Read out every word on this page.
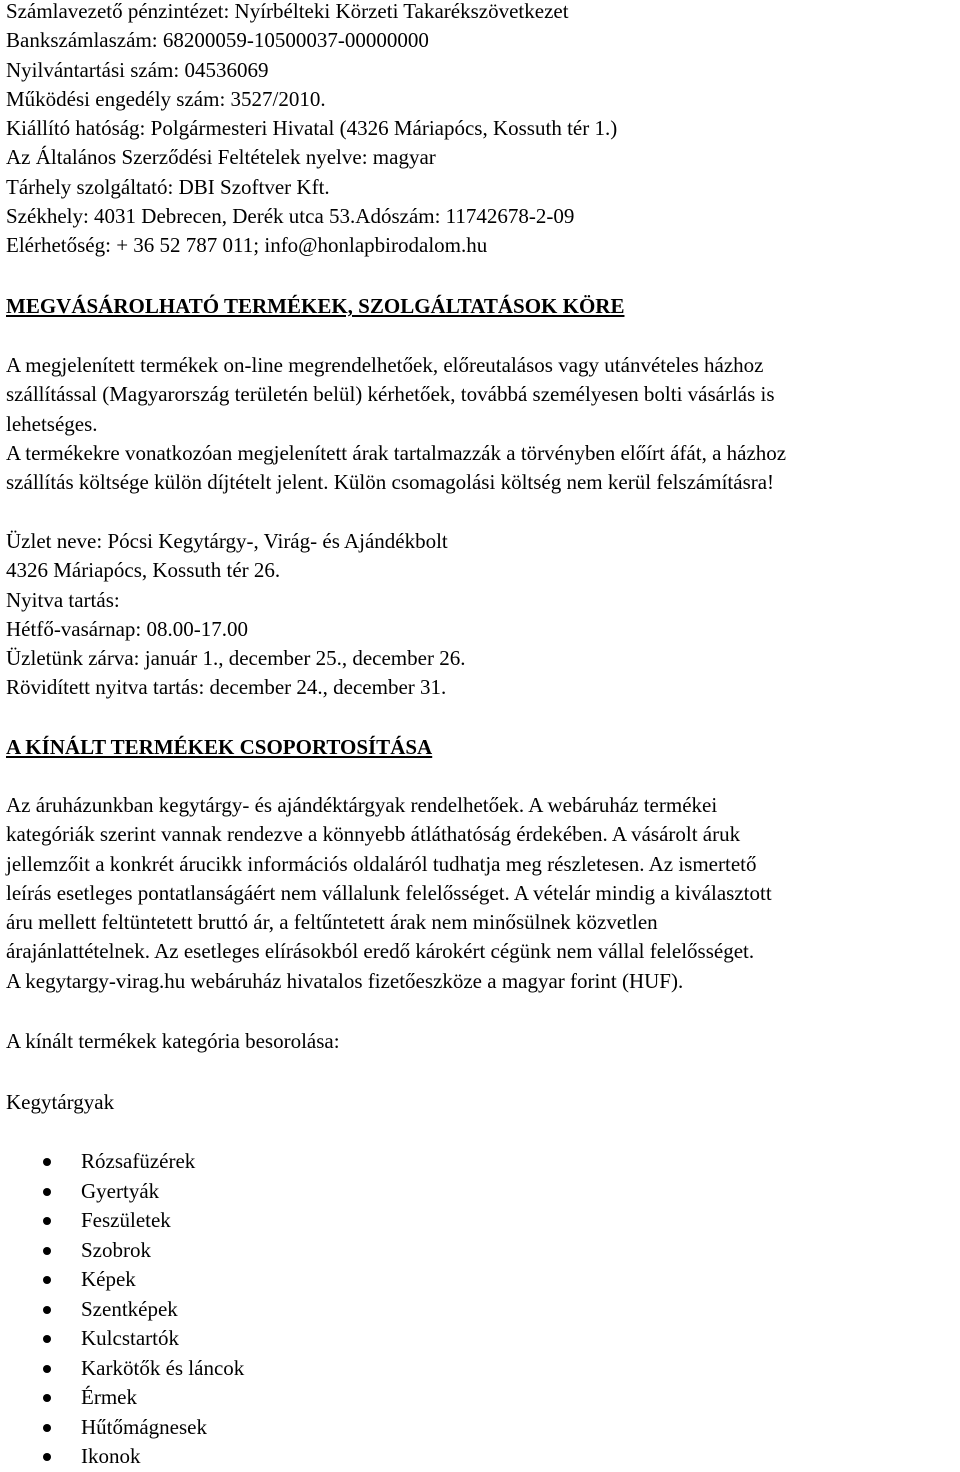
Számlavezető pénzintézet: Nyírbélteki Körzeti Takarékszövetkezet
Bankszámlaszám: 68200059-10500037-00000000
Nyilvántartási szám: 04536069
Működési engedély szám: 3527/2010.
Kiállító hatóság: Polgármesteri Hivatal (4326 Máriapócs, Kossuth tér 1.)
Az Általános Szerződési Feltételek nyelve: magyar
Tárhely szolgáltató: DBI Szoftver Kft.
Székhely: 4031 Debrecen, Derék utca 53.Adószám: 11742678-2-09
Elérhetőség: + 36 52 787 011; info@honlapbirodalom.hu
MEGVÁSÁROLHATÓ TERMÉKEK, SZOLGÁLTATÁSOK KÖRE
A megjelenített termékek on-line megrendelhetőek, előreutalásos vagy utánvételes házhoz
szállítással (Magyarország területén belül) kérhetőek, továbbá személyesen bolti vásárlás is
lehetséges.
A termékekre vonatkozóan megjelenített árak tartalmazzák a törvényben előírt áfát, a házhoz
szállítás költsége külön díjtételt jelent. Külön csomagolási költség nem kerül felszámításra!
Üzlet neve: Pócsi Kegytárgy-, Virág- és Ajándékbolt
4326 Máriapócs, Kossuth tér 26.
Nyitva tartás:
Hétfő-vasárnap: 08.00-17.00
Üzletünk zárva: január 1., december 25., december 26.
Rövidített nyitva tartás: december 24., december 31.
A KÍNÁLT TERMÉKEK CSOPORTOSÍTÁSA
Az áruházunkban kegytárgy- és ajándéktárgyak rendelhetőek. A webáruház termékei
kategóriák szerint vannak rendezve a könnyebb átláthatóság érdekében. A vásárolt áruk
jellemzőit a konkrét árucikk információs oldaláról tudhatja meg részletesen. Az ismertető
leírás esetleges pontatlanságáért nem vállalunk felelősséget. A vételár mindig a kiválasztott
áru mellett feltüntetett bruttó ár, a feltűntetett árak nem minősülnek közvetlen
árajánlattételnek. Az esetleges elírásokból eredő károkért cégünk nem vállal felelősséget.
A kegytargy-virag.hu webáruház hivatalos fizetőeszköze a magyar forint (HUF).
A kínált termékek kategória besorolása:
Kegytárgyak
Rózsafüzérek
Gyertyák
Feszületek
Szobrok
Képek
Szentképek
Kulcstartók
Karkötők és láncok
Érmek
Hűtőmágnesek
Ikonok
